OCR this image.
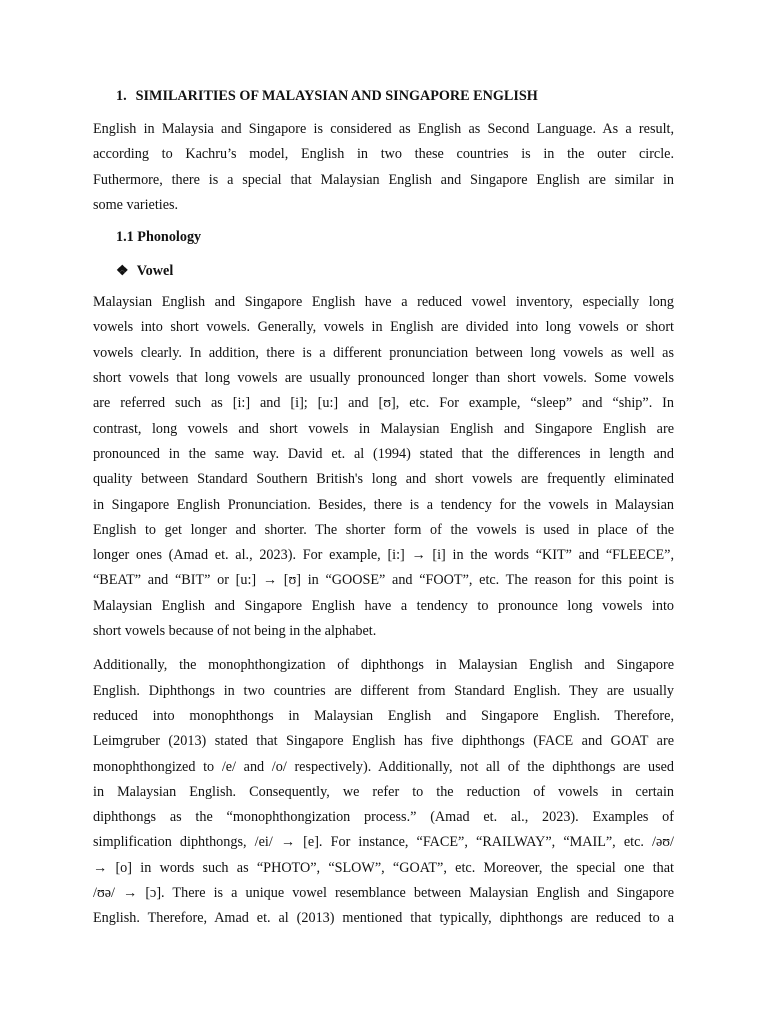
1. SIMILARITIES OF MALAYSIAN AND SINGAPORE ENGLISH

English in Malaysia and Singapore is considered as English as Second Language. As a result,
according to Kachru’s model, English in two these countries is in the outer circle.
Futhermore, there is a special that Malaysian English and Singapore English are similar in
some varieties.

1.1 Phonology
❖ Vowel

Malaysian English and Singapore English have a reduced vowel inventory, especially long
vowels into short vowels. Generally, vowels in English are divided into long vowels or short
vowels clearly. In addition, there is a different pronunciation between long vowels as well as
short vowels that long vowels are usually pronounced longer than short vowels. Some vowels
are referred such as [i:] and [i]; [u:] and [ʊ], etc. For example, “sleep” and “ship”. In
contrast, long vowels and short vowels in Malaysian English and Singapore English are
pronounced in the same way. David et. al (1994) stated that the differences in length and
quality between Standard Southern British's long and short vowels are frequently eliminated
in Singapore English Pronunciation. Besides, there is a tendency for the vowels in Malaysian
English to get longer and shorter. The shorter form of the vowels is used in place of the
longer ones (Amad et. al., 2023). For example, [i:] → [i] in the words “KIT” and “FLEECE”,
“BEAT” and “BIT” or [u:] → [ʊ] in “GOOSE” and “FOOT”, etc. The reason for this point is
Malaysian English and Singapore English have a tendency to pronounce long vowels into
short vowels because of not being in the alphabet.

Additionally, the monophthongization of diphthongs in Malaysian English and Singapore
English. Diphthongs in two countries are different from Standard English. They are usually
reduced into monophthongs in Malaysian English and Singapore English. Therefore,
Leimgruber (2013) stated that Singapore English has five diphthongs (FACE and GOAT are
monophthongized to /e/ and /o/ respectively). Additionally, not all of the diphthongs are used
in Malaysian English. Consequently, we refer to the reduction of vowels in certain
diphthongs as the “monophthongization process.” (Amad et. al., 2023). Examples of
simplification diphthongs, /ei/ → [e]. For instance, “FACE”, “RAILWAY”, “MAIL”, etc. /əʊ/
→ [o] in words such as “PHOTO”, “SLOW”, “GOAT”, etc. Moreover, the special one that
/ʊə/ → [ɔ]. There is a unique vowel resemblance between Malaysian English and Singapore
English. Therefore, Amad et. al (2013) mentioned that typically, diphthongs are reduced to a
